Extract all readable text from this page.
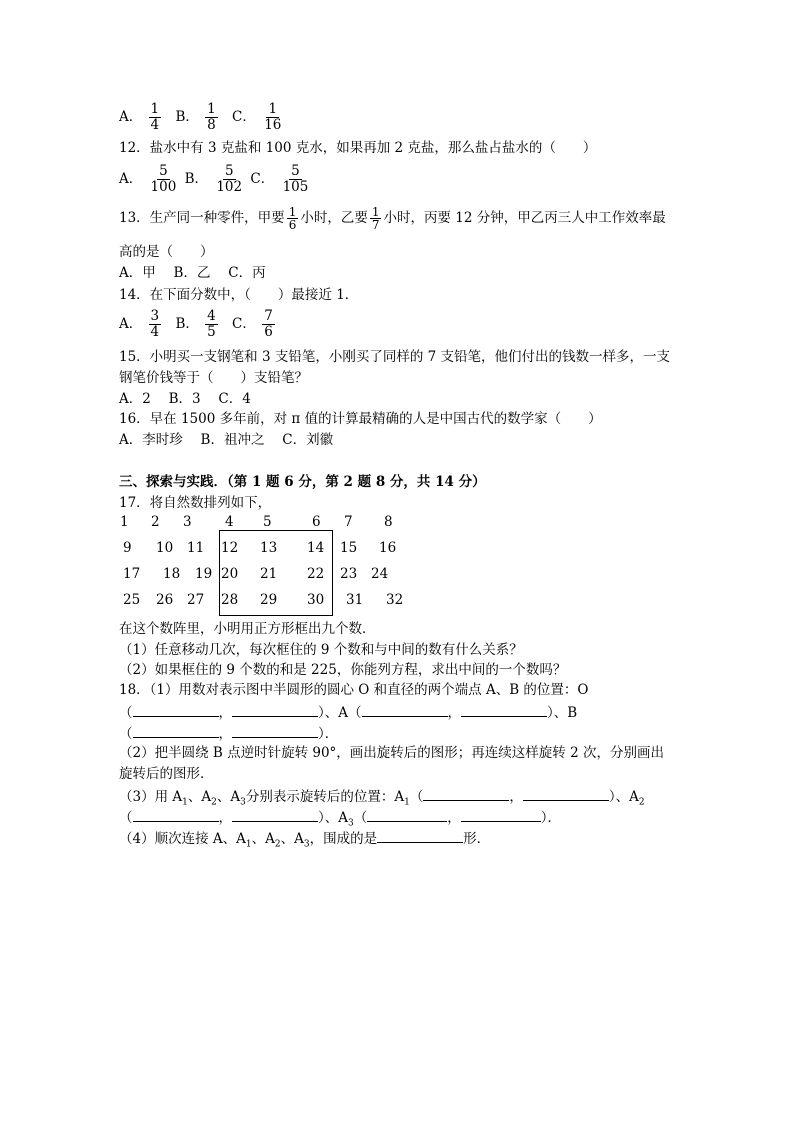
A． $\frac{1}{4}$ B． $\frac{1}{8}$ C． $\frac{1}{16}$
12．盐水中有 3 克盐和 100 克水，如果再加 2 克盐，那么盐占盐水的（　　）
A． $\frac{5}{100}$ B． $\frac{5}{102}$ C． $\frac{5}{105}$
13．生产同一种零件，甲要 $\frac{1}{6}$ 小时，乙要 $\frac{1}{7}$ 小时，丙要 12 分钟，甲乙丙三人中工作效率最
高的是（　　）
A．甲　 B．乙　 C．丙
14．在下面分数中，（　　）最接近 1．
A． $\frac{3}{4}$ B． $\frac{4}{5}$ C． $\frac{7}{6}$
15．小明买一支钢笔和 3 支铅笔，小刚买了同样的 7 支铅笔，他们付出的钱数一样多，一支
钢笔价钱等于（　　）支铅笔？
A．2　 B．3　 C．4
16．早在 1500 多年前，对 π 值的计算最精确的人是中国古代的数学家（　　）
A．李时珍　 B．祖冲之　 C．刘徽
三、探索与实践．（第 1 题 6 分，第 2 题 8 分，共 14 分）
17．将自然数排列如下，
1 2 3 4 5	6 7 8
9 10 11 12 13 14 15 16
17 18 19 20 21 22 23 24
25 26 27 28 29 30 31 32
在这个数阵里，小明用正方形框出九个数．
（1）任意移动几次，每次框住的 9 个数和与中间的数有什么关系？
（2）如果框住的 9 个数的和是 225，你能列方程，求出中间的一个数吗？
18．（1）用数对表示图中半圆形的圆心 O 和直径的两个端点 A、B 的位置：O
（	，	）、A（	，	）、B
（	，	）．
（2）把半圆绕 B 点逆时针旋转 90°，画出旋转后的图形；再连续这样旋转 2 次，分别画出
旋转后的图形．
（3）用 $A_1$、$A_2$、$A_3$分别表示旋转后的位置：$A_1$（	，	）、$A_2$
（	，	）、$A_3$（	，	）．
（4）顺次连接 A、$A_1$、$A_2$、$A_3$，围成的是	形．
